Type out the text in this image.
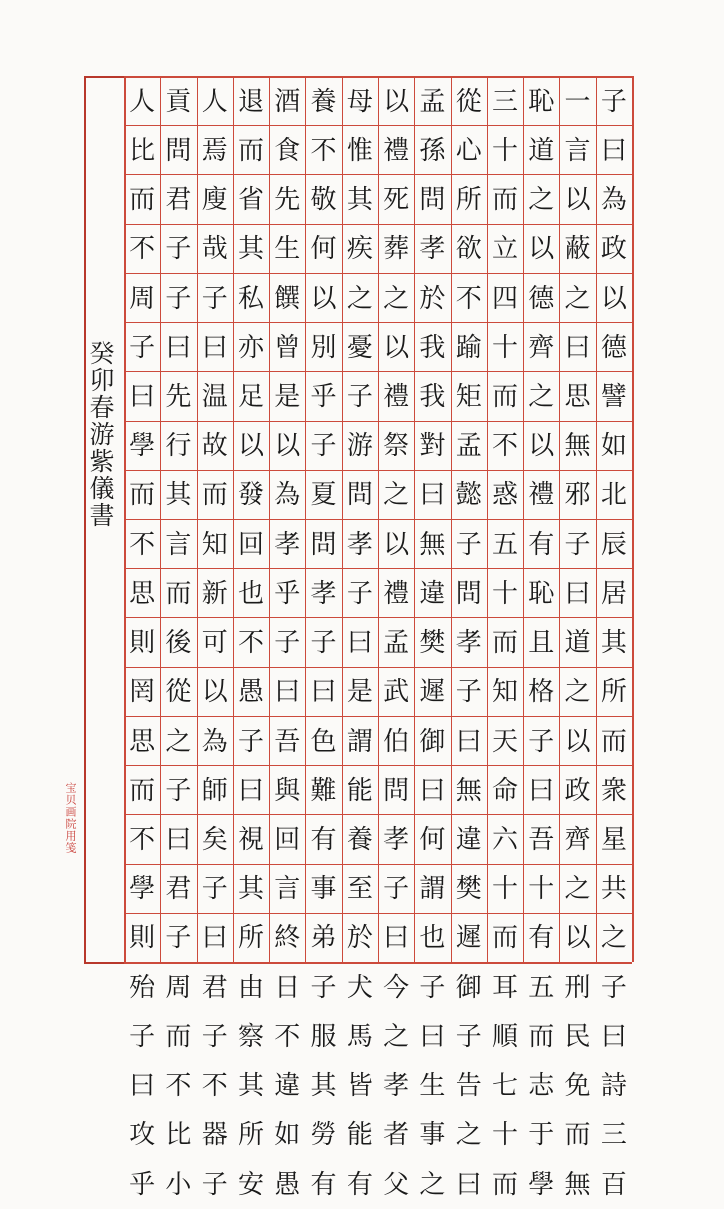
子
曰
為
政
以
德
譬
如
北
辰
居
其
所
而
衆
星
共
之
子
曰
詩
三
百
一
言
以
蔽
之
曰
思
無
邪
子
曰
道
之
以
政
齊
之
以
刑
民
免
而
無
恥
道
之
以
德
齊
之
以
禮
有
恥
且
格
子
曰
吾
十
有
五
而
志
于
學
三
十
而
立
四
十
而
不
惑
五
十
而
知
天
命
六
十
而
耳
順
七
十
而
從
心
所
欲
不
踰
矩
孟
懿
子
問
孝
子
曰
無
違
樊
遲
御
子
告
之
曰
孟
孫
問
孝
於
我
我
對
曰
無
違
樊
遲
御
曰
何
謂
也
子
曰
生
事
之
以
禮
死
葬
之
以
禮
祭
之
以
禮
孟
武
伯
問
孝
子
曰
今
之
孝
者
父
母
惟
其
疾
之
憂
子
游
問
孝
子
曰
是
謂
能
養
至
於
犬
馬
皆
能
有
養
不
敬
何
以
別
乎
子
夏
問
孝
子
曰
色
難
有
事
弟
子
服
其
勞
有
酒
食
先
生
饌
曾
是
以
為
孝
乎
子
曰
吾
與
回
言
終
日
不
違
如
愚
退
而
省
其
私
亦
足
以
發
回
也
不
愚
子
曰
視
其
所
由
察
其
所
安
人
焉
廋
哉
子
曰
温
故
而
知
新
可
以
為
師
矣
子
曰
君
子
不
器
子
貢
問
君
子
子
曰
先
行
其
言
而
後
從
之
子
曰
君
子
周
而
不
比
小
人
比
而
不
周
子
曰
學
而
不
思
則
罔
思
而
不
學
則
殆
子
曰
攻
乎
癸卯春游紫儀書
宝贝画院用笺
